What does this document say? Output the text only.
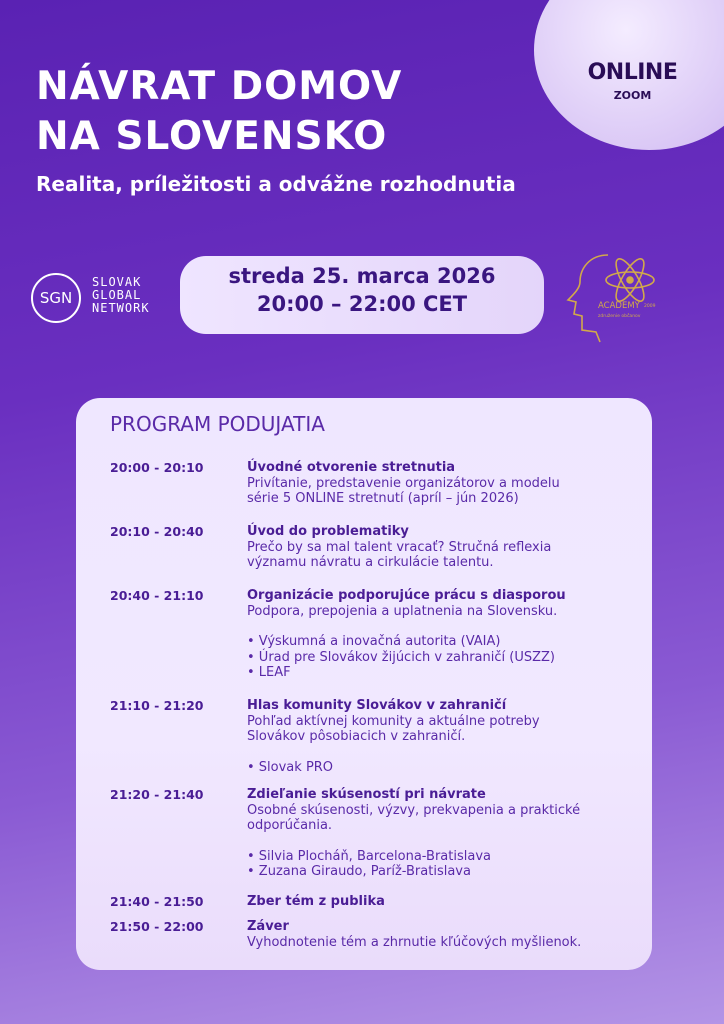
ONLINE
ZOOM
NÁVRAT DOMOV
NA SLOVENSKO
Realita, príležitosti a odvážne rozhodnutia
SGN
SLOVAK
GLOBAL
NETWORK
streda 25. marca 2026
20:00 – 22:00 CET	ACADEMY
združenie občanov
2009
PROGRAM PODUJATIA
20:00 - 20:10	Úvodné otvorenie stretnutia
Privítanie, predstavenie organizátorov a modelu
série 5 ONLINE stretnutí (apríl – jún 2026)
20:10 - 20:40	Úvod do problematiky
Prečo by sa mal talent vracať? Stručná reflexia
významu návratu a cirkulácie talentu.
20:40 - 21:10	Organizácie podporujúce prácu s diasporou
Podpora, prepojenia a uplatnenia na Slovensku.
• Výskumná a inovačná autorita (VAIA)
• Úrad pre Slovákov žijúcich v zahraničí (USZZ)
• LEAF
21:10 - 21:20	Hlas komunity Slovákov v zahraničí
Pohľad aktívnej komunity a aktuálne potreby
Slovákov pôsobiacich v zahraničí.
• Slovak PRO
21:20 - 21:40	Zdieľanie skúseností pri návrate
Osobné skúsenosti, výzvy, prekvapenia a praktické
odporúčania.
• Silvia Plocháň, Barcelona-Bratislava
• Zuzana Giraudo, Paríž-Bratislava
21:40 - 21:50	Zber tém z publika
21:50 - 22:00	Záver
Vyhodnotenie tém a zhrnutie kľúčových myšlienok.
